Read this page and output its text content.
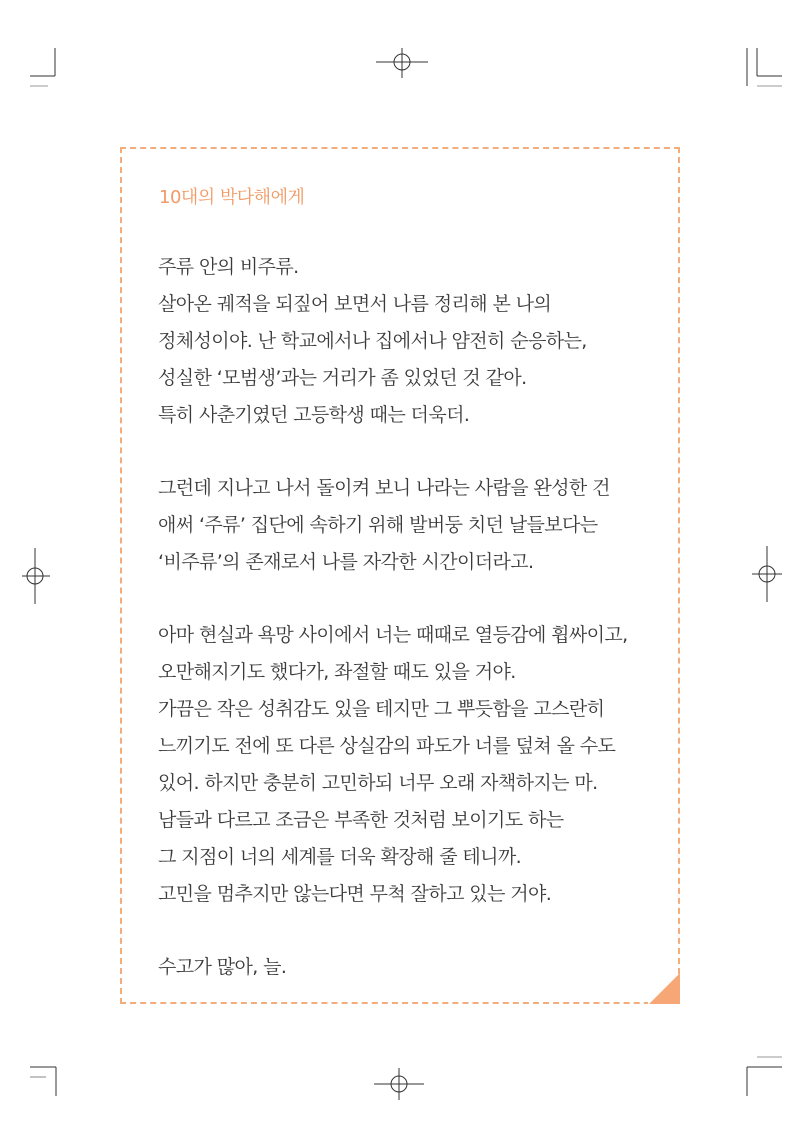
10대의 박다해에게
주류 안의 비주류.
살아온 궤적을 되짚어 보면서 나름 정리해 본 나의
정체성이야. 난 학교에서나 집에서나 얌전히 순응하는,
성실한 ‘모범생’과는 거리가 좀 있었던 것 같아.
특히 사춘기였던 고등학생 때는 더욱더.
그런데 지나고 나서 돌이켜 보니 나라는 사람을 완성한 건
애써 ‘주류’ 집단에 속하기 위해 발버둥 치던 날들보다는
‘비주류’의 존재로서 나를 자각한 시간이더라고.
아마 현실과 욕망 사이에서 너는 때때로 열등감에 휩싸이고,
오만해지기도 했다가, 좌절할 때도 있을 거야.
가끔은 작은 성취감도 있을 테지만 그 뿌듯함을 고스란히
느끼기도 전에 또 다른 상실감의 파도가 너를 덮쳐 올 수도
있어. 하지만 충분히 고민하되 너무 오래 자책하지는 마.
남들과 다르고 조금은 부족한 것처럼 보이기도 하는
그 지점이 너의 세계를 더욱 확장해 줄 테니까.
고민을 멈추지만 않는다면 무척 잘하고 있는 거야.
수고가 많아, 늘.
